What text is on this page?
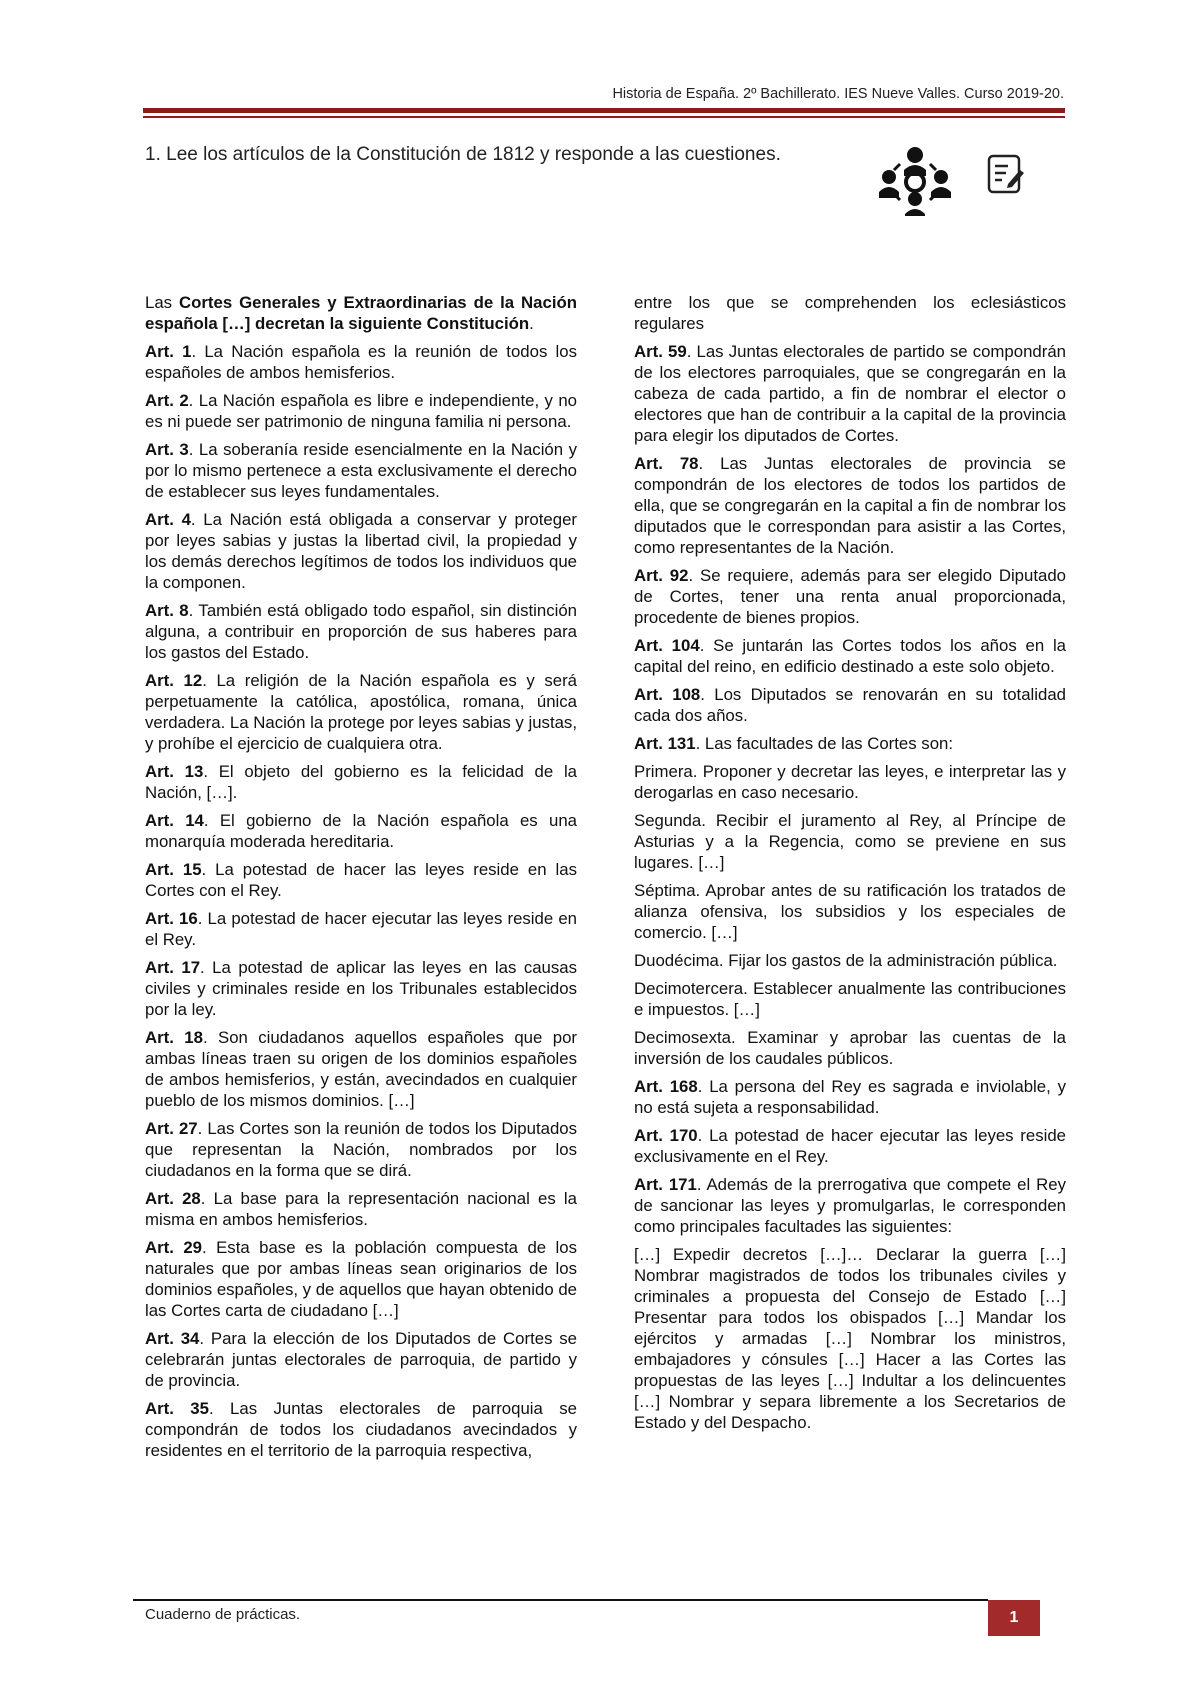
Historia de España. 2º Bachillerato. IES Nueve Valles. Curso 2019-20.
1. Lee los artículos de la Constitución de 1812 y responde a las cuestiones.

Las Cortes Generales y Extraordinarias de la Nación española […] decretan la siguiente Constitución.

Art. 1. La Nación española es la reunión de todos los españoles de ambos hemisferios.

Art. 2. La Nación española es libre e independiente, y no es ni puede ser patrimonio de ninguna familia ni persona.

Art. 3. La soberanía reside esencialmente en la Nación y por lo mismo pertenece a esta exclusivamente el derecho de establecer sus leyes fundamentales.

Art. 4. La Nación está obligada a conservar y proteger por leyes sabias y justas la libertad civil, la propiedad y los demás derechos legítimos de todos los individuos que la componen.

Art. 8. También está obligado todo español, sin distinción alguna, a contribuir en proporción de sus haberes para los gastos del Estado.

Art. 12. La religión de la Nación española es y será perpetuamente la católica, apostólica, romana, única verdadera. La Nación la protege por leyes sabias y justas, y prohíbe el ejercicio de cualquiera otra.

Art. 13. El objeto del gobierno es la felicidad de la Nación, […].

Art. 14. El gobierno de la Nación española es una monarquía moderada hereditaria.

Art. 15. La potestad de hacer las leyes reside en las Cortes con el Rey.

Art. 16. La potestad de hacer ejecutar las leyes reside en el Rey.

Art. 17. La potestad de aplicar las leyes en las causas civiles y criminales reside en los Tribunales establecidos por la ley.

Art. 18. Son ciudadanos aquellos españoles que por ambas líneas traen su origen de los dominios españoles de ambos hemisferios, y están, avecindados en cualquier pueblo de los mismos dominios. […]

Art. 27. Las Cortes son la reunión de todos los Diputados que representan la Nación, nombrados por los ciudadanos en la forma que se dirá.

Art. 28. La base para la representación nacional es la misma en ambos hemisferios.

Art. 29. Esta base es la población compuesta de los naturales que por ambas líneas sean originarios de los dominios españoles, y de aquellos que hayan obtenido de las Cortes carta de ciudadano […]

Art. 34. Para la elección de los Diputados de Cortes se celebrarán juntas electorales de parroquia, de partido y de provincia.

Art. 35. Las Juntas electorales de parroquia se compondrán de todos los ciudadanos avecindados y residentes en el territorio de la parroquia respectiva,

entre los que se comprehenden los eclesiásticos regulares

Art. 59. Las Juntas electorales de partido se compondrán de los electores parroquiales, que se congregarán en la cabeza de cada partido, a fin de nombrar el elector o electores que han de contribuir a la capital de la provincia para elegir los diputados de Cortes.

Art. 78. Las Juntas electorales de provincia se compondrán de los electores de todos los partidos de ella, que se congregarán en la capital a fin de nombrar los diputados que le correspondan para asistir a las Cortes, como representantes de la Nación.

Art. 92. Se requiere, además para ser elegido Diputado de Cortes, tener una renta anual proporcionada, procedente de bienes propios.

Art. 104. Se juntarán las Cortes todos los años en la capital del reino, en edificio destinado a este solo objeto.

Art. 108. Los Diputados se renovarán en su totalidad cada dos años.

Art. 131. Las facultades de las Cortes son:

Primera. Proponer y decretar las leyes, e interpretar las y derogarlas en caso necesario.

Segunda. Recibir el juramento al Rey, al Príncipe de Asturias y a la Regencia, como se previene en sus lugares. […]

Séptima. Aprobar antes de su ratificación los tratados de alianza ofensiva, los subsidios y los especiales de comercio. […]

Duodécima. Fijar los gastos de la administración pública.

Decimotercera. Establecer anualmente las contribuciones e impuestos. […]

Decimosexta. Examinar y aprobar las cuentas de la inversión de los caudales públicos.

Art. 168. La persona del Rey es sagrada e inviolable, y no está sujeta a responsabilidad.

Art. 170. La potestad de hacer ejecutar las leyes reside exclusivamente en el Rey.

Art. 171. Además de la prerrogativa que compete el Rey de sancionar las leyes y promulgarlas, le corresponden como principales facultades las siguientes:

[…] Expedir decretos […]… Declarar la guerra […] Nombrar magistrados de todos los tribunales civiles y criminales a propuesta del Consejo de Estado […] Presentar para todos los obispados […] Mandar los ejércitos y armadas […] Nombrar los ministros, embajadores y cónsules […] Hacer a las Cortes las propuestas de las leyes […] Indultar a los delincuentes […] Nombrar y separa libremente a los Secretarios de Estado y del Despacho.

Cuaderno de prácticas.	1
